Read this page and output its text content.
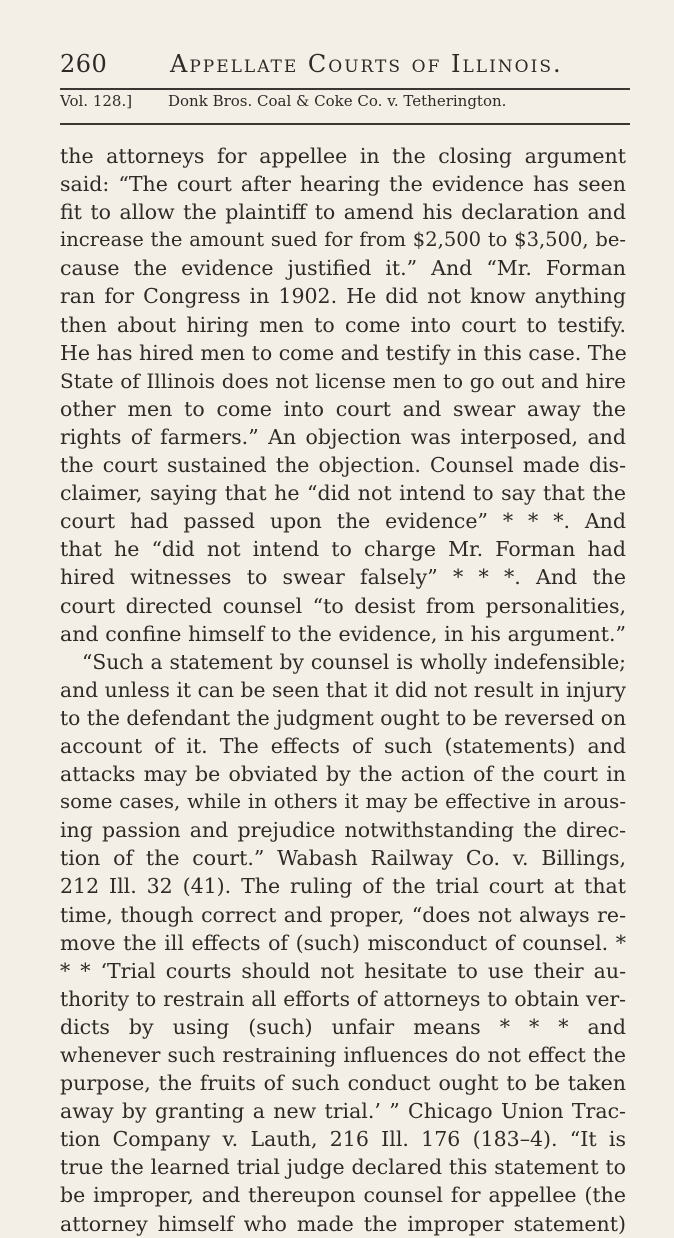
260	Appellate Courts of Illinois.
Vol. 128.] Donk Bros. Coal & Coke Co. v. Tetherington.
the attorneys for appellee in the closing argument
said: “The court after hearing the evidence has seen
fit to allow the plaintiff to amend his declaration and
increase the amount sued for from $2,500 to $3,500, be-
cause the evidence justified it.” And “Mr. Forman
ran for Congress in 1902. He did not know anything
then about hiring men to come into court to testify.
He has hired men to come and testify in this case. The
State of Illinois does not license men to go out and hire
other men to come into court and swear away the
rights of farmers.” An objection was interposed, and
the court sustained the objection. Counsel made dis-
claimer, saying that he “did not intend to say that the
court had passed upon the evidence” * * *. And
that he “did not intend to charge Mr. Forman had
hired witnesses to swear falsely” * * *. And the
court directed counsel “to desist from personalities,
and confine himself to the evidence, in his argument.”
“Such a statement by counsel is wholly indefensible;
and unless it can be seen that it did not result in injury
to the defendant the judgment ought to be reversed on
account of it. The effects of such (statements) and
attacks may be obviated by the action of the court in
some cases, while in others it may be effective in arous-
ing passion and prejudice notwithstanding the direc-
tion of the court.” Wabash Railway Co. v. Billings,
212 Ill. 32 (41). The ruling of the trial court at that
time, though correct and proper, “does not always re-
move the ill effects of (such) misconduct of counsel. *
* * ‘Trial courts should not hesitate to use their au-
thority to restrain all efforts of attorneys to obtain ver-
dicts by using (such) unfair means * * * and
whenever such restraining influences do not effect the
purpose, the fruits of such conduct ought to be taken
away by granting a new trial.’ ” Chicago Union Trac-
tion Company v. Lauth, 216 Ill. 176 (183–4). “It is
true the learned trial judge declared this statement to
be improper, and thereupon counsel for appellee (the
attorney himself who made the improper statement)
